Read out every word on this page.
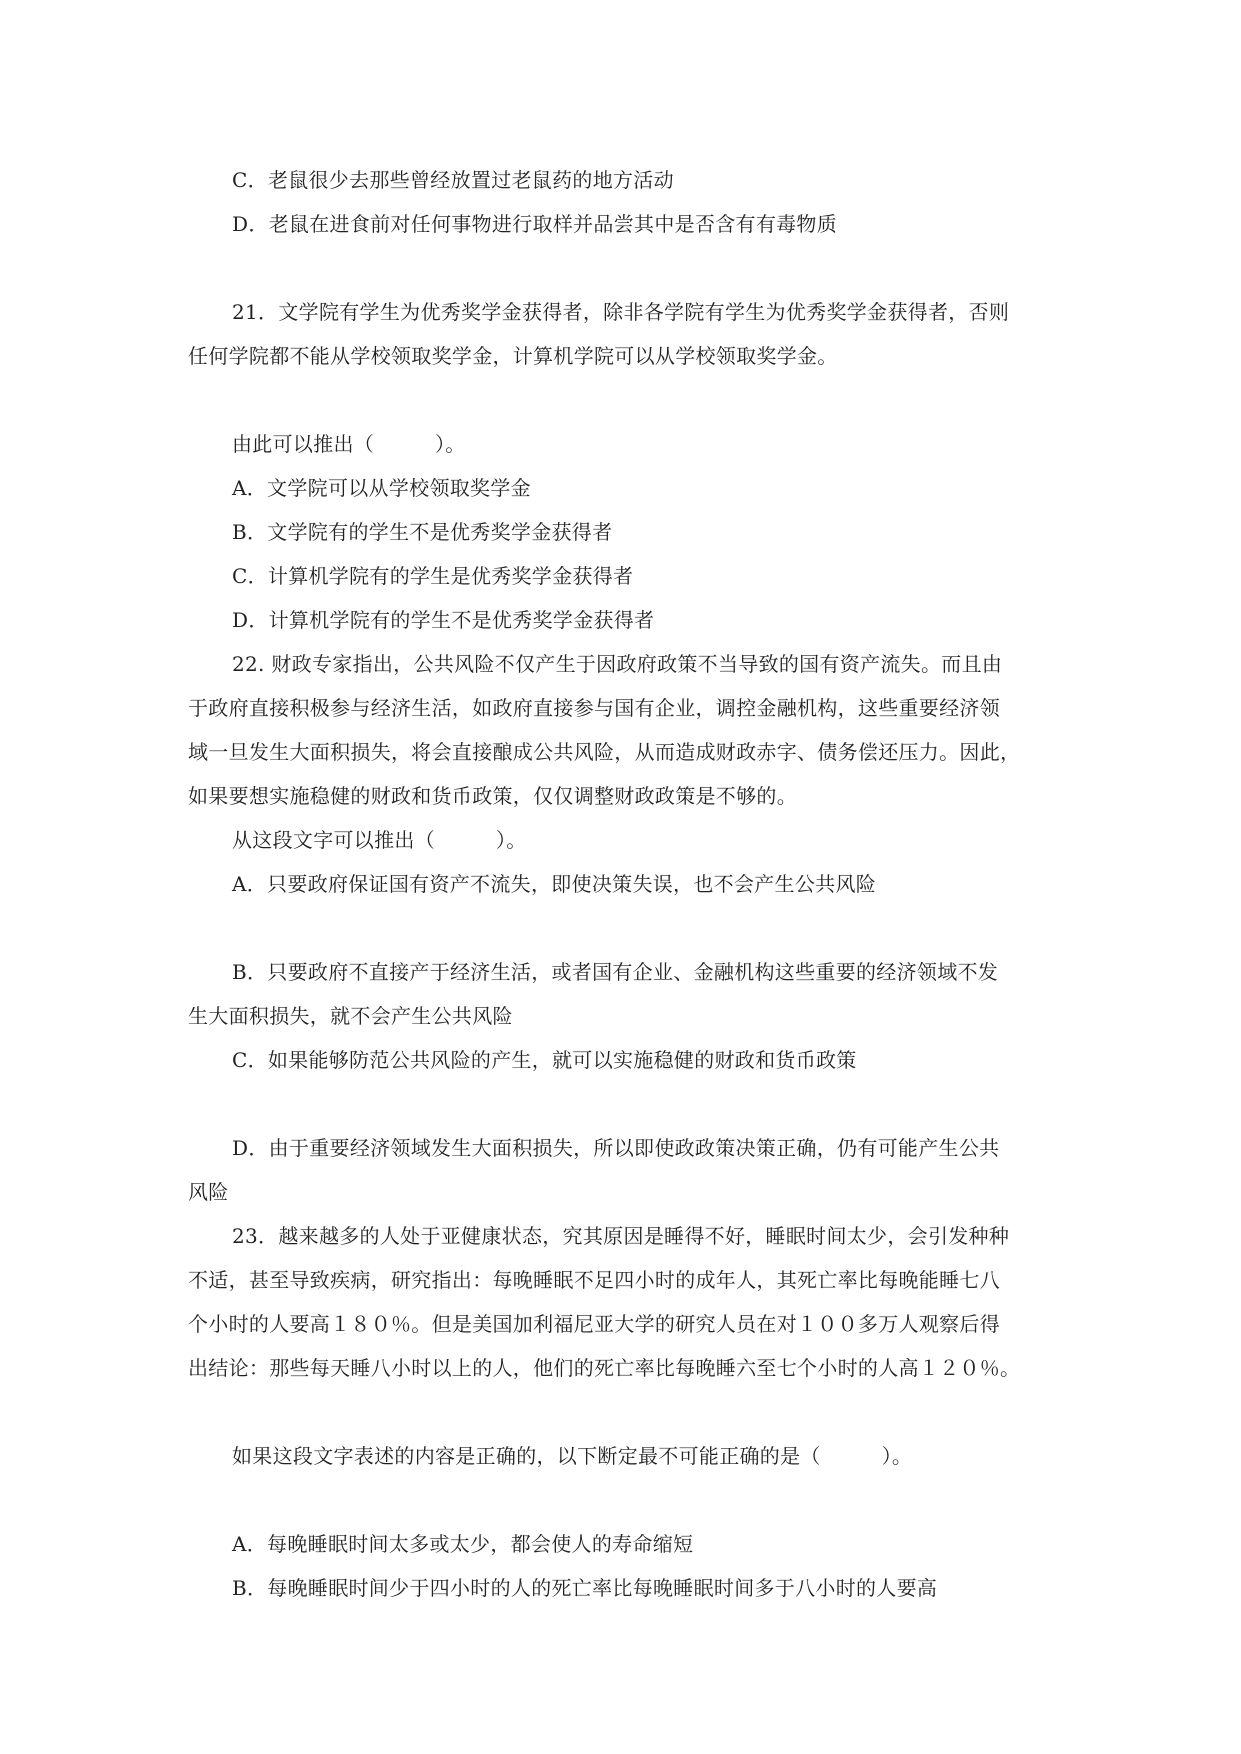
C．老鼠很少去那些曾经放置过老鼠药的地方活动
D．老鼠在进食前对任何事物进行取样并品尝其中是否含有有毒物质
21．文学院有学生为优秀奖学金获得者，除非各学院有学生为优秀奖学金获得者，否则
任何学院都不能从学校领取奖学金，计算机学院可以从学校领取奖学金。
由此可以推出（　　　）。
A．文学院可以从学校领取奖学金
B．文学院有的学生不是优秀奖学金获得者
C．计算机学院有的学生是优秀奖学金获得者
D．计算机学院有的学生不是优秀奖学金获得者
22. 财政专家指出，公共风险不仅产生于因政府政策不当导致的国有资产流失。而且由
于政府直接积极参与经济生活，如政府直接参与国有企业，调控金融机构，这些重要经济领
域一旦发生大面积损失，将会直接酿成公共风险，从而造成财政赤字、债务偿还压力。因此，
如果要想实施稳健的财政和货币政策，仅仅调整财政政策是不够的。
从这段文字可以推出（　　　）。
A．只要政府保证国有资产不流失，即使决策失误，也不会产生公共风险
B．只要政府不直接产于经济生活，或者国有企业、金融机构这些重要的经济领域不发
生大面积损失，就不会产生公共风险
C．如果能够防范公共风险的产生，就可以实施稳健的财政和货币政策
D．由于重要经济领域发生大面积损失，所以即使政政策决策正确，仍有可能产生公共
风险
23．越来越多的人处于亚健康状态，究其原因是睡得不好，睡眠时间太少，会引发种种
不适，甚至导致疾病，研究指出：每晚睡眠不足四小时的成年人，其死亡率比每晚能睡七八
个小时的人要高１８０％。但是美国加利福尼亚大学的研究人员在对１００多万人观察后得
出结论：那些每天睡八小时以上的人，他们的死亡率比每晚睡六至七个小时的人高１２０％。
如果这段文字表述的内容是正确的，以下断定最不可能正确的是（　　　）。
A．每晚睡眠时间太多或太少，都会使人的寿命缩短
B．每晚睡眠时间少于四小时的人的死亡率比每晚睡眠时间多于八小时的人要高
